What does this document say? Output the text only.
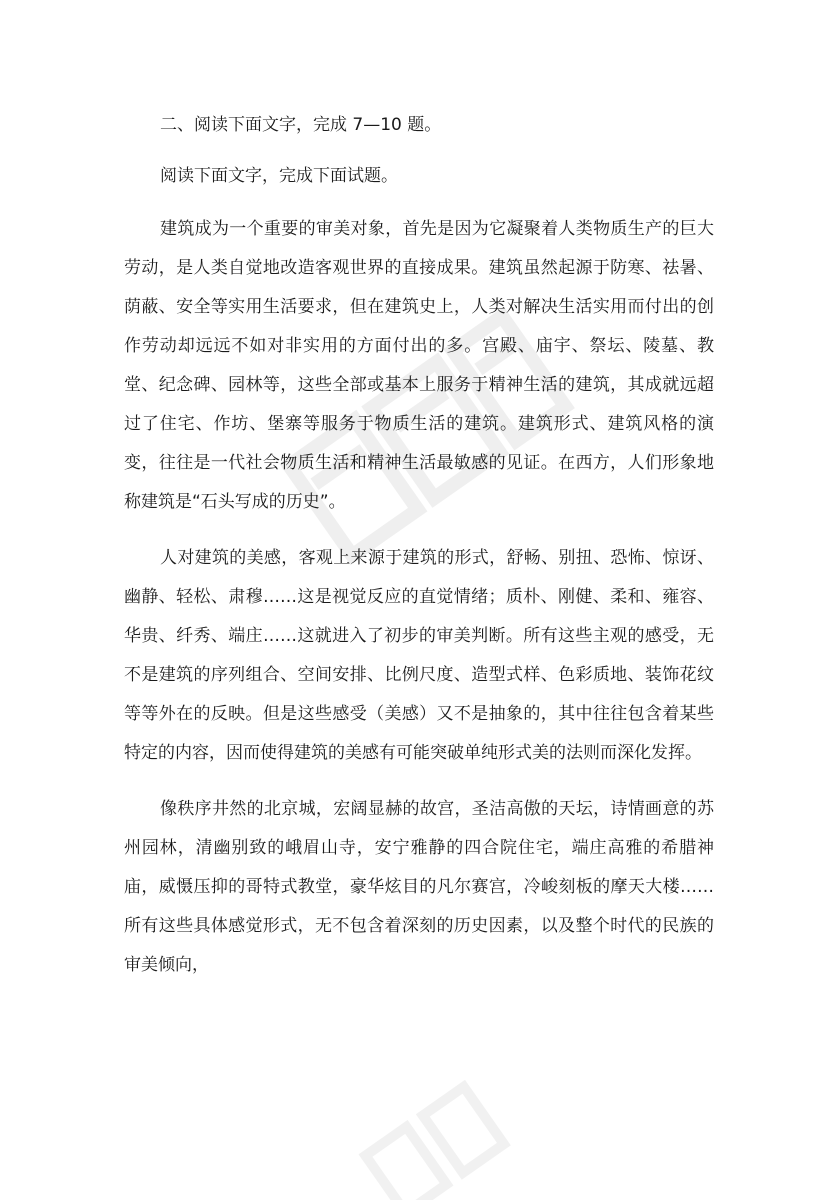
二、阅读下面文字，完成 7—10 题。

阅读下面文字，完成下面试题。

建筑成为一个重要的审美对象，首先是因为它凝聚着人类物质生产的巨大劳动，是人类自觉地改造客观世界的直接成果。建筑虽然起源于防寒、祛暑、荫蔽、安全等实用生活要求，但在建筑史上，人类对解决生活实用而付出的创作劳动却远远不如对非实用的方面付出的多。宫殿、庙宇、祭坛、陵墓、教堂、纪念碑、园林等，这些全部或基本上服务于精神生活的建筑，其成就远超过了住宅、作坊、堡寨等服务于物质生活的建筑。建筑形式、建筑风格的演变，往往是一代社会物质生活和精神生活最敏感的见证。在西方，人们形象地称建筑是“石头写成的历史”。

人对建筑的美感，客观上来源于建筑的形式，舒畅、别扭、恐怖、惊讶、幽静、轻松、肃穆……这是视觉反应的直觉情绪；质朴、刚健、柔和、雍容、华贵、纤秀、端庄……这就进入了初步的审美判断。所有这些主观的感受，无不是建筑的序列组合、空间安排、比例尺度、造型式样、色彩质地、装饰花纹等等外在的反映。但是这些感受（美感）又不是抽象的，其中往往包含着某些特定的内容，因而使得建筑的美感有可能突破单纯形式美的法则而深化发挥。

像秩序井然的北京城，宏阔显赫的故宫，圣洁高傲的天坛，诗情画意的苏州园林，清幽别致的峨眉山寺，安宁雅静的四合院住宅，端庄高雅的希腊神庙，威慑压抑的哥特式教堂，豪华炫目的凡尔赛宫，冷峻刻板的摩天大楼……所有这些具体感觉形式，无不包含着深刻的历史因素，以及整个时代的民族的审美倾向，
